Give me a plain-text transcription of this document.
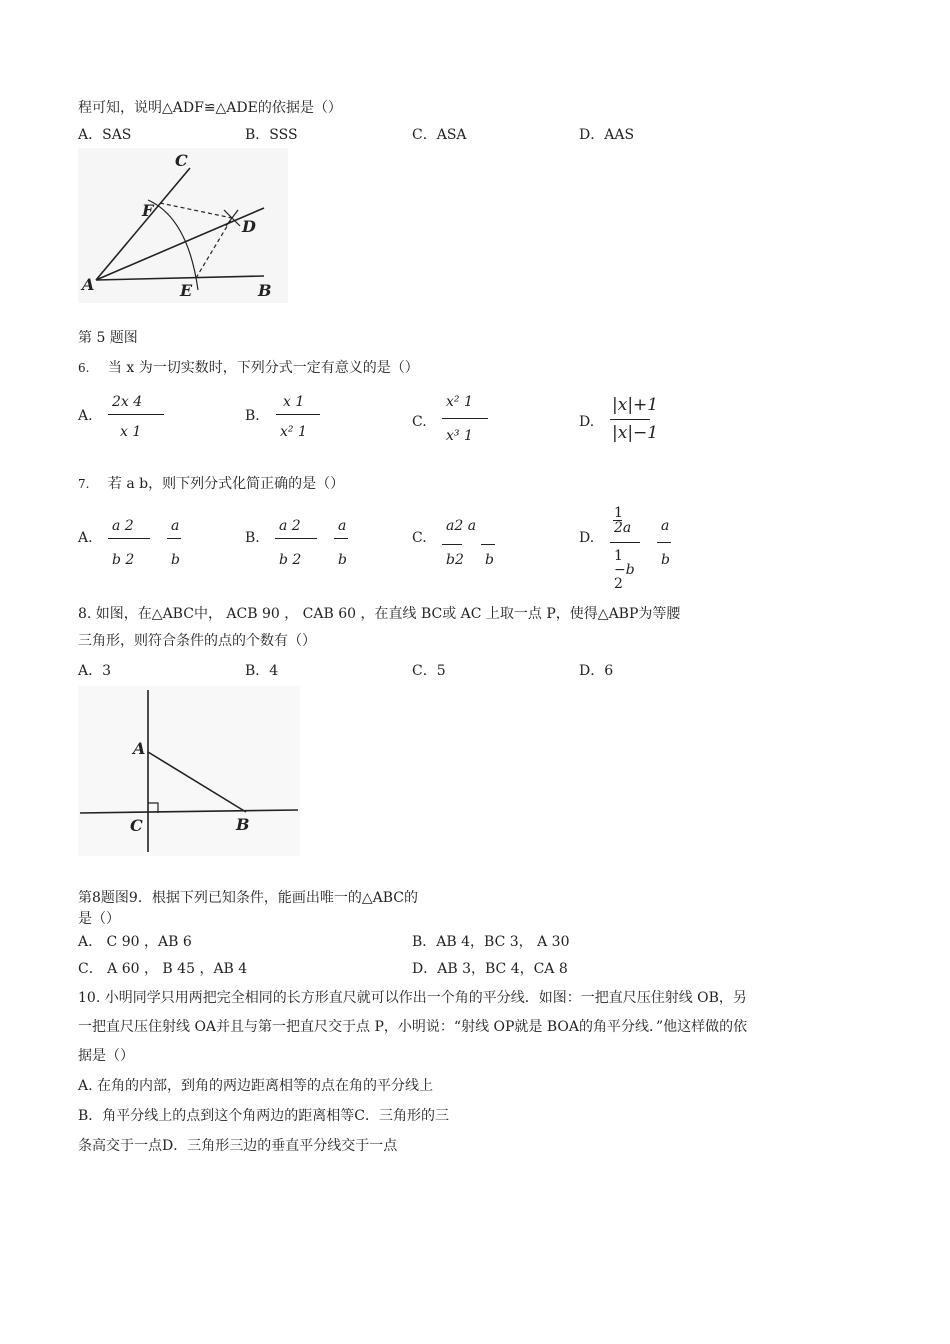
程可知，说明△ADF≌△ADE的依据是（）
A．SAS	B．SSS	C．ASA	D．AAS
C
F
D
A	E	B
第 5 题图
6. 当 x 为一切实数时，下列分式一定有意义的是（）
A.
2x 4
x 1
B.
x 1
x² 1
C.
x² 1
x³ 1
D.
|x|+1
|x|−1
7. 若 a b，则下列分式化简正确的是（）
A.
a 2
b 2
a
b
B.
a 2
b 2
a
b
C.
a2 a
b2 b
D.
1
2a
1
−b
2
a
b
8. 如图，在△ABC中， ACB 90 ， CAB 60 ，在直线 BC或 AC 上取一点 P，使得△ABP为等腰
三角形，则符合条件的点的个数有（）
A．3	B．4	C．5	D．6
A
C	B
第8题图9．根据下列已知条件，能画出唯一的△ABC的
是（）
A． C 90 ，AB 6	B．AB 4，BC 3， A 30
C． A 60 ， B 45 ，AB 4	D．AB 3，BC 4，CA 8
10. 小明同学只用两把完全相同的长方形直尺就可以作出一个角的平分线．如图：一把直尺压住射线 OB，另
一把直尺压住射线 OA并且与第一把直尺交于点 P，小明说：“射线 OP就是 BOA的角平分线．”他这样做的依
据是（）
A. 在角的内部，到角的两边距离相等的点在角的平分线上
B．角平分线上的点到这个角两边的距离相等C．三角形的三
条高交于一点D．三角形三边的垂直平分线交于一点
